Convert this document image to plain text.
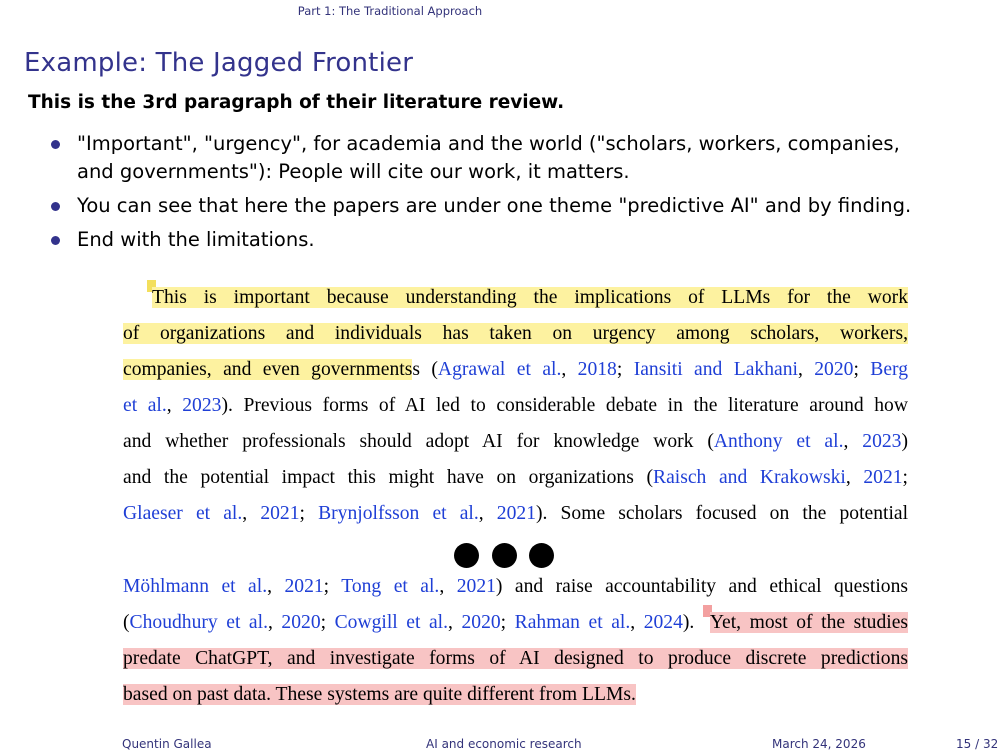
Part 1: The Traditional Approach
Example: The Jagged Frontier
This is the 3rd paragraph of their literature review.
"Important", "urgency", for academia and the world ("scholars, workers, companies,
and governments"): People will cite our work, it matters.
You can see that here the papers are under one theme "predictive AI" and by finding.
End with the limitations.
This is important because understanding the implications of LLMs for the work
of organizations and individuals has taken on urgency among scholars, workers,
companies, and even governmentss (Agrawal et al., 2018; Iansiti and Lakhani, 2020; Berg
et al., 2023). Previous forms of AI led to considerable debate in the literature around how
and whether professionals should adopt AI for knowledge work (Anthony et al., 2023)
and the potential impact this might have on organizations (Raisch and Krakowski, 2021;
Glaeser et al., 2021; Brynjolfsson et al., 2021). Some scholars focused on the potential
Möhlmann et al., 2021; Tong et al., 2021) and raise accountability and ethical questions
(Choudhury et al., 2020; Cowgill et al., 2020; Rahman et al., 2024). Yet, most of the studies
predate ChatGPT, and investigate forms of AI designed to produce discrete predictions
based on past data. These systems are quite different from LLMs.
Quentin Gallea	AI and economic research	March 24, 2026	15 / 32
